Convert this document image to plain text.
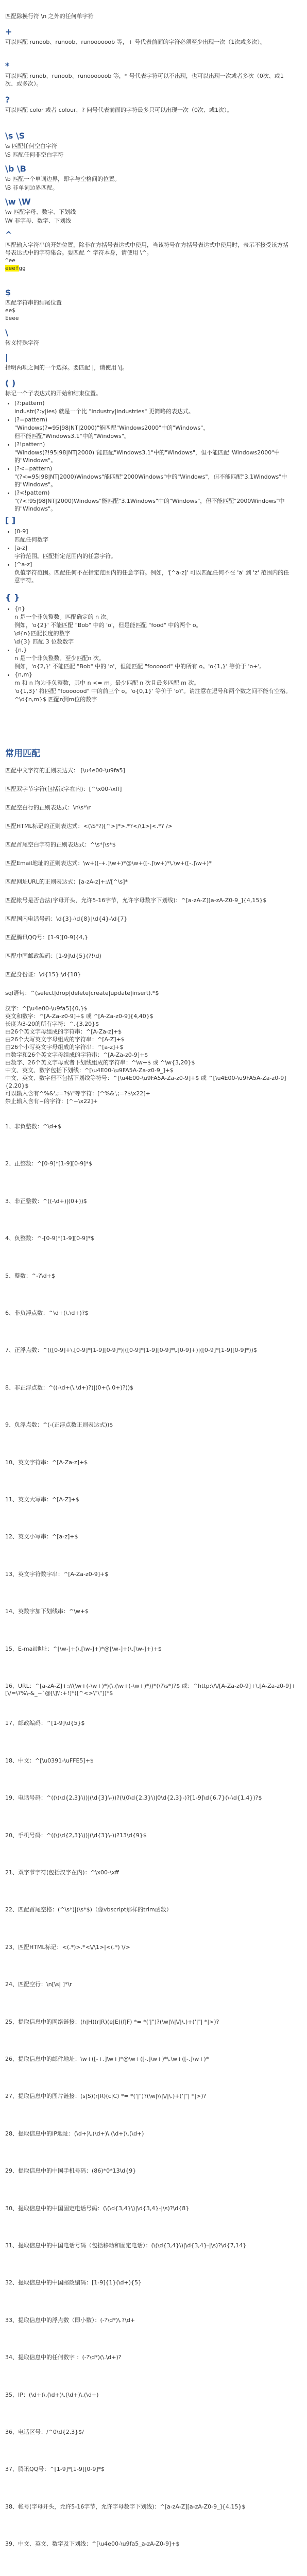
匹配除换行符 \n 之外的任何单字符

+

可以匹配 runoob、runoob、runoooooob 等，+ 号代表前面的字符必须至少出现一次（1次或多次）。

*

可以匹配 runob、runoob、runoooooob 等，* 号代表字符可以不出现，也可以出现一次或者多次（0次、或1次、或多次）。

?

可以匹配 color 或者 colour，? 问号代表前面的字符最多只可以出现一次（0次、或1次）。

\s \S

\s 匹配任何空白字符

\S 匹配任何非空白字符

\b \B

\b 匹配一个单词边界，即字与空格间的位置。

\B 非单词边界匹配。

\w \W

\w 匹配字母、数字、下划线

\W 非字母、数字、下划线

^

匹配输入字符串的开始位置，除非在方括号表达式中使用，当该符号在方括号表达式中使用时，表示不接受该方括号表达式中的字符集合。要匹配 ^ 字符本身，请使用 \^。

^ee

eeefgg

$

匹配字符串的结尾位置

ee$

Eeee

\

转义特殊字符

|

指明两项之间的一个选择。要匹配 |，请使用 \|。

( )

标记一个子表达式的开始和结束位置。

• (?:pattern)
industr(?:y|ies) 就是一个比 "industry|industries" 更简略的表达式。
• (?=pattern)
"Windows(?=95|98|NT|2000)"能匹配"Windows2000"中的"Windows"，
但不能匹配"Windows3.1"中的"Windows"。
• (?!pattern)
"Windows(?!95|98|NT|2000)"能匹配"Windows3.1"中的"Windows"，但不能匹配"Windows2000"中的"Windows"。
• (?<=pattern)
"(?<=95|98|NT|2000)Windows"能匹配"2000Windows"中的"Windows"，但不能匹配"3.1Windows"中的"Windows"。
• (?<!pattern)
"(?<!95|98|NT|2000)Windows"能匹配"3.1Windows"中的"Windows"，但不能匹配"2000Windows"中的"Windows"。

[ ]

• [0-9]
匹配任何数字
• [a-z]
字符范围。匹配指定范围内的任意字符。
• [^a-z]
负值字符范围。匹配任何不在指定范围内的任意字符。例如，'[^a-z]' 可以匹配任何不在 'a' 到 'z' 范围内的任意字符。

{ }

• {n}
n 是一个非负整数。匹配确定的 n 次。
例如，'o{2}' 不能匹配 "Bob" 中的 'o'，但是能匹配 "food" 中的两个 o。
\d{n}匹配长度的数字
\d{3} 匹配 3 位数数字
• {n,}
n 是一个非负整数。至少匹配n 次。
例如，'o{2,}' 不能匹配 "Bob" 中的 'o'，但能匹配 "foooood" 中的所有 o。'o{1,}' 等价于 'o+'。
• {n,m}
m 和 n 均为非负整数，其中 n <= m。最少匹配 n 次且最多匹配 m 次。
'o{1,3}' 将匹配 "fooooood" 中的前三个 o。'o{0,1}' 等价于 'o?'。请注意在逗号和两个数之间不能有空格。
^\d{n,m}$ 匹配n到m位的数字
常用匹配

匹配中文字符的正则表达式： [\u4e00-\u9fa5]

匹配双字节字符(包括汉字在内)：[^\x00-\xff]

匹配空白行的正则表达式：\n\s*\r

匹配HTML标记的正则表达式：<(\S*?)[^>]*>.*?</\1>|<.*? />

匹配首尾空白字符的正则表达式：^\s*|\s*$

匹配Email地址的正则表达式：\w+([-+.]\w+)*@\w+([-.]\w+)*\.\w+([-.]\w+)*

匹配网址URL的正则表达式：[a-zA-z]+://[^\s]*

匹配帐号是否合法(字母开头，允许5-16字节，允许字母数字下划线)：^[a-zA-Z][a-zA-Z0-9_]{4,15}$

匹配国内电话号码：\d{3}-\d{8}|\d{4}-\d{7}

匹配腾讯QQ号：[1-9][0-9]{4,}

匹配中国邮政编码：[1-9]\d{5}(?!\d)

匹配身份证：\d{15}|\d{18}

sql语句：^(select|drop|delete|create|update|insert).*$

汉字：^[\u4e00-\u9fa5]{0,}$

英文和数字：^[A-Za-z0-9]+$ 或 ^[A-Za-z0-9]{4,40}$

长度为3-20的所有字符：^.{3,20}$

由26个英文字母组成的字符串：^[A-Za-z]+$

由26个大写英文字母组成的字符串：^[A-Z]+$

由26个小写英文字母组成的字符串：^[a-z]+$

由数字和26个英文字母组成的字符串：^[A-Za-z0-9]+$

由数字、26个英文字母或者下划线组成的字符串：^\w+$ 或 ^\w{3,20}$

中文、英文、数字包括下划线：^[\u4E00-\u9FA5A-Za-z0-9_]+$

中文、英文、数字但不包括下划线等符号：^[\u4E00-\u9FA5A-Za-z0-9]+$ 或 ^[\u4E00-\u9FA5A-Za-z0-9]{2,20}$

可以输入含有^%&',;=?$\"等字符：[^%&',;=?$\x22]+

禁止输入含有~的字符：[^~\x22]+

1、非负整数：^\d+$
2、正整数：^[0-9]*[1-9][0-9]*$
3、非正整数：^((-\d+)|(0+))$
4、负整数：^-[0-9]*[1-9][0-9]*$
5、整数：^-?\d+$
6、非负浮点数：^\d+(\.\d+)?$
7、正浮点数：^(([0-9]+\.[0-9]*[1-9][0-9]*)|([0-9]*[1-9][0-9]*\.[0-9]+)|([0-9]*[1-9][0-9]*))$
8、非正浮点数：^((-\d+(\.\d+)?)|(0+(\.0+)?))$
9、负浮点数：^(-(正浮点数正则表达式))$
10、英文字符串：^[A-Za-z]+$
11、英文大写串：^[A-Z]+$
12、英文小写串：^[a-z]+$
13、英文字符数字串：^[A-Za-z0-9]+$
14、英数字加下划线串：^\w+$
15、E-mail地址：^[\w-]+(\.[\w-]+)*@[\w-]+(\.[\w-]+)+$
16、URL：^[a-zA-Z]+://(\w+(-\w+)*)(\.(\w+(-\w+)*))*(\?\s*)?$ 或：^http:\/\/[A-Za-z0-9]+\.[A-Za-z0-9]+[\/=\?%\-&_~`@[\]\':+!]*([^<>\"\"])*$
17、邮政编码：^[1-9]\d{5}$
18、中文：^[\u0391-\uFFE5]+$
19、电话号码：^((\(\d{2,3}\))|(\d{3}\-))?(\(0\d{2,3}\)|0\d{2,3}-)?[1-9]\d{6,7}(\-\d{1,4})?$
20、手机号码：^((\(\d{2,3}\))|(\d{3}\-))?13\d{9}$
21、双字节字符(包括汉字在内)：^\x00-\xff
22、匹配首尾空格：(^\s*)|(\s*$)（像vbscript那样的trim函数）
23、匹配HTML标记：<(.*)>.*<\/\1>|<(.*) \/>
24、匹配空行：\n[\s| ]*\r
25、提取信息中的网络链接：(h|H)(r|R)(e|E)(f|F) *= *('|")?(\w|\\|\/|\.)+('|"| *|>)?
26、提取信息中的邮件地址：\w+([-+.]\w+)*@\w+([-.]\w+)*\.\w+([-.]\w+)*
27、提取信息中的图片链接：(s|S)(r|R)(c|C) *= *('|")?(\w|\\|\/|\.)+('|"| *|>)?
28、提取信息中的IP地址：(\d+)\.(\d+)\.(\d+)\.(\d+)
29、提取信息中的中国手机号码：(86)*0*13\d{9}
30、提取信息中的中国固定电话号码：(\(\d{3,4}\)|\d{3,4}-|\s)?\d{8}
31、提取信息中的中国电话号码（包括移动和固定电话）：(\(\d{3,4}\)|\d{3,4}-|\s)?\d{7,14}
32、提取信息中的中国邮政编码：[1-9]{1}(\d+){5}
33、提取信息中的浮点数（即小数）：(-?\d*)\.?\d+
34、提取信息中的任何数字 ：(-?\d*)(\.\d+)?
35、IP：(\d+)\.(\d+)\.(\d+)\.(\d+)
36、电话区号：/^0\d{2,3}$/
37、腾讯QQ号：^[1-9]*[1-9][0-9]*$
38、帐号(字母开头，允许5-16字节，允许字母数字下划线)：^[a-zA-Z][a-zA-Z0-9_]{4,15}$
39、中文、英文、数字及下划线：^[\u4e00-\u9fa5_a-zA-Z0-9]+$
